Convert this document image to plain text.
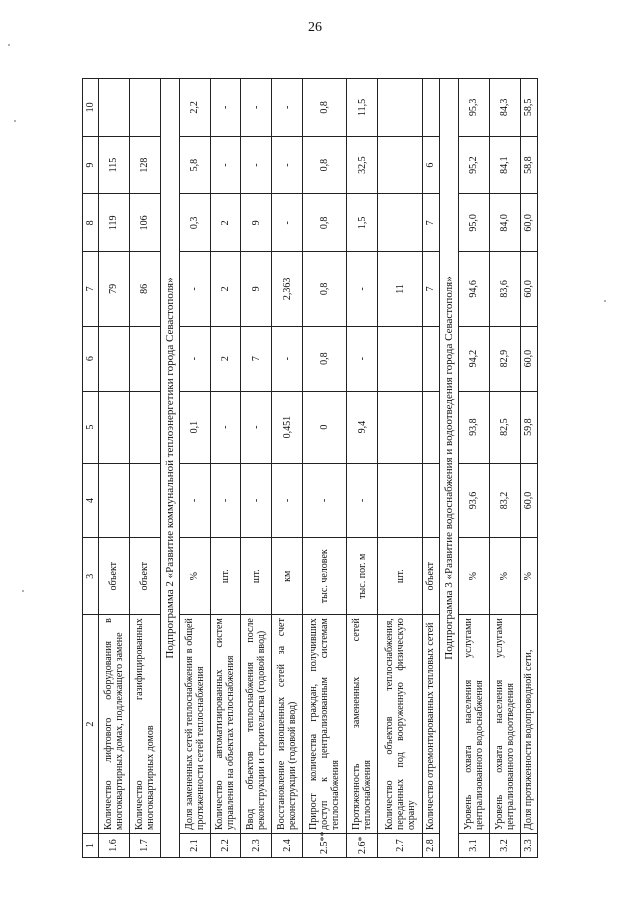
26
1	2	3	4	5	6	7	8	9	10
1.6	Количество лифтового оборудования в многоквартирных домах, подлежащего замене	объект				79	119	115	
1.7	Количество газифицированных многоквартирных домов	объект				86	106	128	
Подпрограмма 2 «Развитие коммунальной теплоэнергетики города Севастополя»									
2.1	Доля замененных сетей теплоснабжения в общей протяженности сетей теплоснабжения	%	-	0,1	-	-	0,3	5,8	2,2
2.2	Количество автоматизированных систем управления на объектах теплоснабжения	шт.	-	-	2	2	2	-	-
2.3	Ввод объектов теплоснабжения после реконструкции и строительства (годовой ввод)	шт.	-	-	7	9	9	-	-
2.4	Восстановление изношенных сетей за счет реконструкции (годовой ввод)	км	-	0,451	-	2,363	-	-	-
2.5**	Прирост количества граждан, получивших доступ к централизованным системам теплоснабжения	тыс. человек	-	0	0,8	0,8	0,8	0,8	0,8
2.6*	Протяженность замененных сетей теплоснабжения	тыс. пог. м	-	9,4	-	-	1,5	32,5	11,5
2.7	Количество объектов теплоснабжения, переданных под вооруженную физическую охрану	шт.				11			
2.8	Количество отремонтированных тепловых сетей	объект				7	7	6	
Подпрограмма 3 «Развитие водоснабжения и водоотведения города Севастополя»									
3.1	Уровень охвата населения услугами централизованного водоснабжения	%	93,6	93,8	94,2	94,6	95,0	95,2	95,3
3.2	Уровень охвата населения услугами централизованного водоотведения	%	83,2	82,5	82,9	83,6	84,0	84,1	84,3
3.3	Доля протяженности водопроводной сети,	%	60,0	59,8	60,0	60,0	60,0	58,8	58,5
